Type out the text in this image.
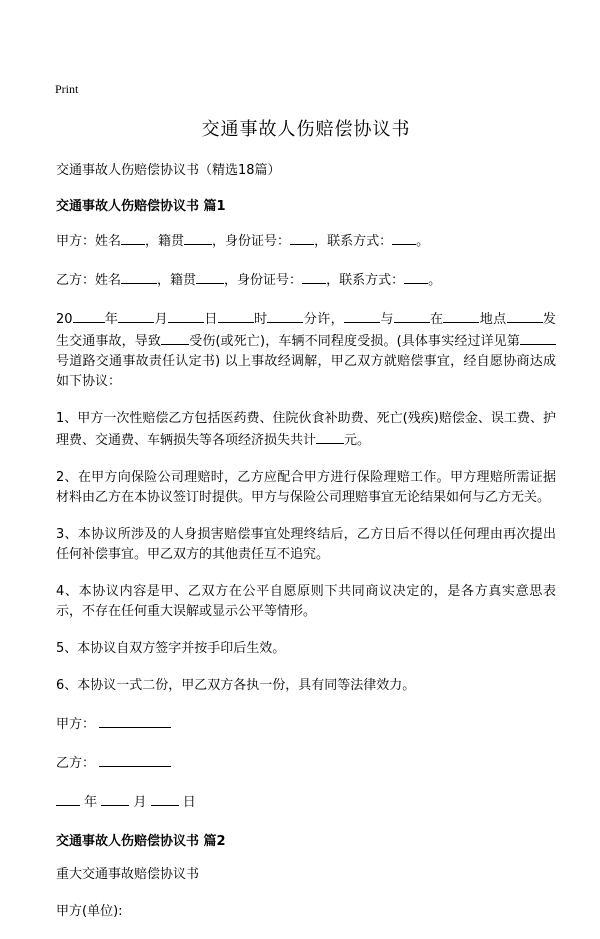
Print
交通事故人伤赔偿协议书
交通事故人伤赔偿协议书（精选18篇）
交通事故人伤赔偿协议书 篇1
甲方：姓名 ，籍贯 ，身份证号： ，联系方式： 。
乙方：姓名	，籍贯 ，身份证号： ，联系方式： 。
20 年	月	日	时	分许，	与	在	地点	发生交通事故，导致 受伤(或死亡)，车辆不同程度受损。(具体事实经过详见第号道路交通事故责任认定书) 以上事故经调解，甲乙双方就赔偿事宜，经自愿协商达成如下协议：
1、甲方一次性赔偿乙方包括医药费、住院伙食补助费、死亡(残疾)赔偿金、误工费、护理费、交通费、车辆损失等各项经济损失共计 元。
2、在甲方向保险公司理赔时，乙方应配合甲方进行保险理赔工作。甲方理赔所需证据材料由乙方在本协议签订时提供。甲方与保险公司理赔事宜无论结果如何与乙方无关。
3、本协议所涉及的人身损害赔偿事宜处理终结后，乙方日后不得以任何理由再次提出任何补偿事宜。甲乙双方的其他责任互不追究。
4、本协议内容是甲、乙双方在公平自愿原则下共同商议决定的，是各方真实意思表示，不存在任何重大误解或显示公平等情形。
5、本协议自双方签字并按手印后生效。
6、本协议一式二份，甲乙双方各执一份，具有同等法律效力。
甲方：
乙方：
年	月	日
交通事故人伤赔偿协议书 篇2
重大交通事故赔偿协议书
甲方(单位):
